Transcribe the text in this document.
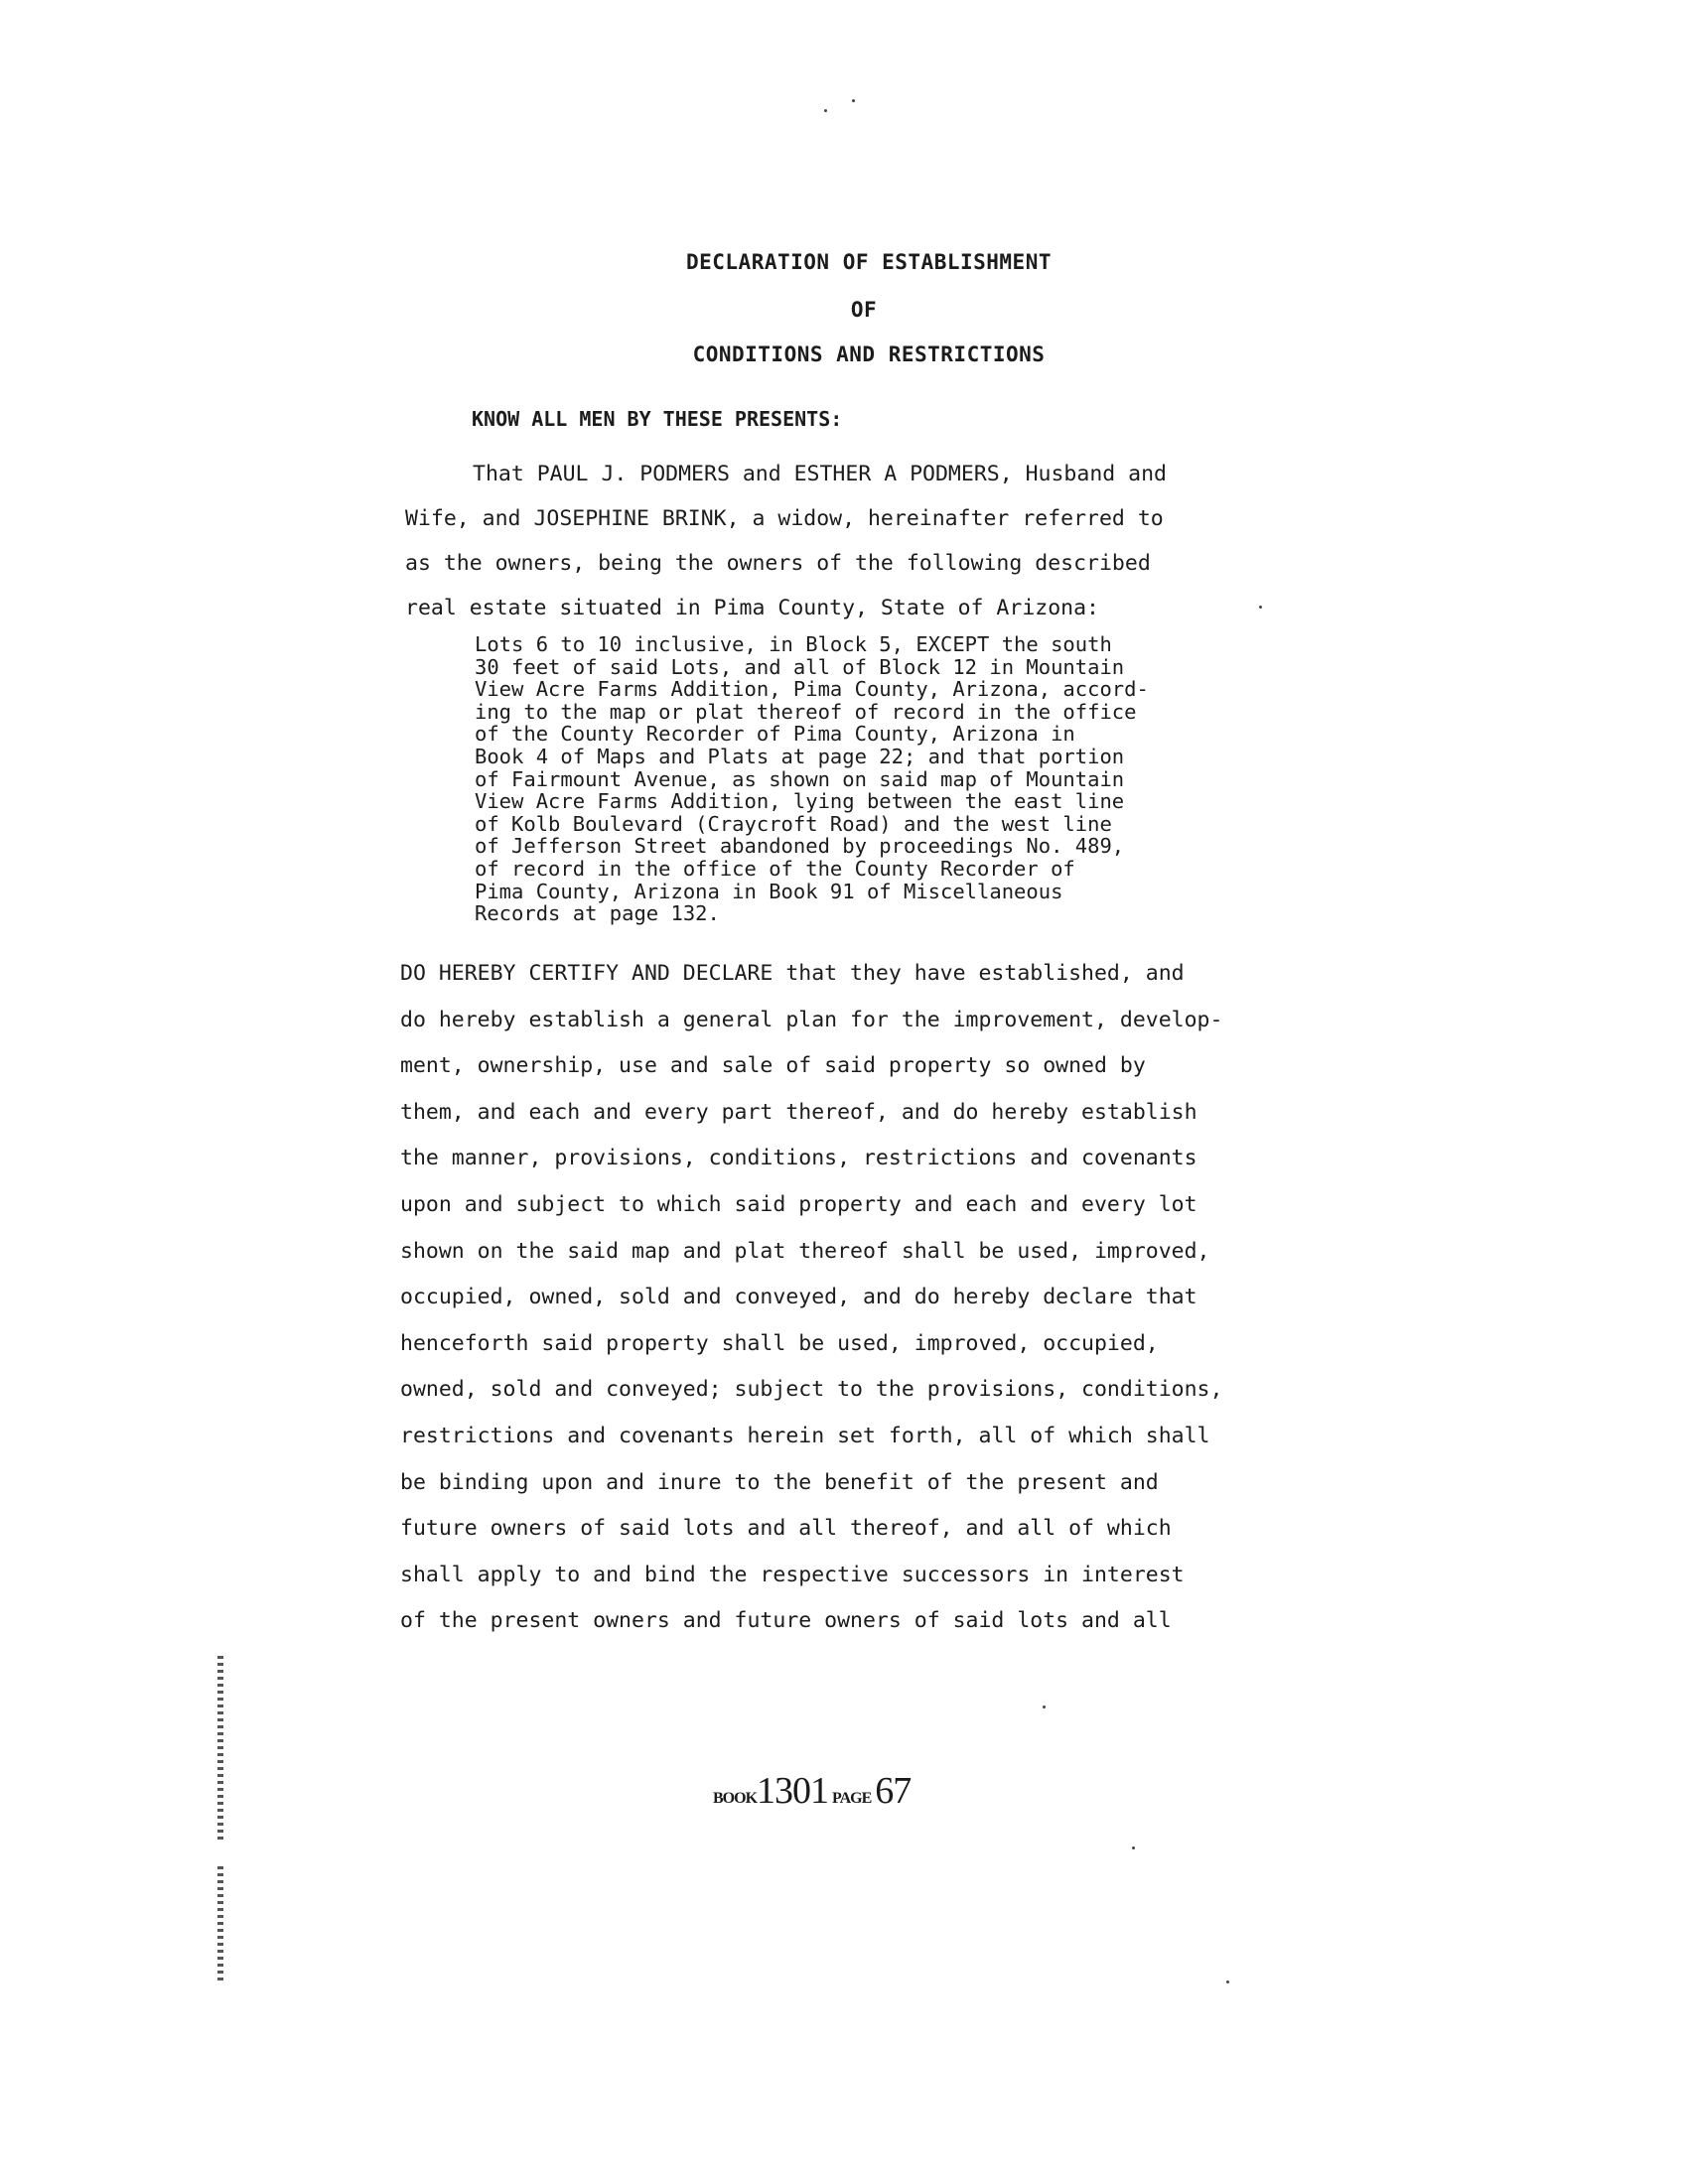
DECLARATION OF ESTABLISHMENT
OF
CONDITIONS AND RESTRICTIONS
KNOW ALL MEN BY THESE PRESENTS:
That PAUL J. PODMERS and ESTHER A PODMERS, Husband and
Wife, and JOSEPHINE BRINK, a widow, hereinafter referred to
as the owners, being the owners of the following described
real estate situated in Pima County, State of Arizona:
Lots 6 to 10 inclusive, in Block 5, EXCEPT the south
30 feet of said Lots, and all of Block 12 in Mountain
View Acre Farms Addition, Pima County, Arizona, accord-
ing to the map or plat thereof of record in the office
of the County Recorder of Pima County, Arizona in
Book 4 of Maps and Plats at page 22; and that portion
of Fairmount Avenue, as shown on said map of Mountain
View Acre Farms Addition, lying between the east line
of Kolb Boulevard (Craycroft Road) and the west line
of Jefferson Street abandoned by proceedings No. 489,
of record in the office of the County Recorder of
Pima County, Arizona in Book 91 of Miscellaneous
Records at page 132.
DO HEREBY CERTIFY AND DECLARE that they have established, and
do hereby establish a general plan for the improvement, develop-
ment, ownership, use and sale of said property so owned by
them, and each and every part thereof, and do hereby establish
the manner, provisions, conditions, restrictions and covenants
upon and subject to which said property and each and every lot
shown on the said map and plat thereof shall be used, improved,
occupied, owned, sold and conveyed, and do hereby declare that
henceforth said property shall be used, improved, occupied,
owned, sold and conveyed; subject to the provisions, conditions,
restrictions and covenants herein set forth, all of which shall
be binding upon and inure to the benefit of the present and
future owners of said lots and all thereof, and all of which
shall apply to and bind the respective successors in interest
of the present owners and future owners of said lots and all
BOOK1301 PAGE 67
